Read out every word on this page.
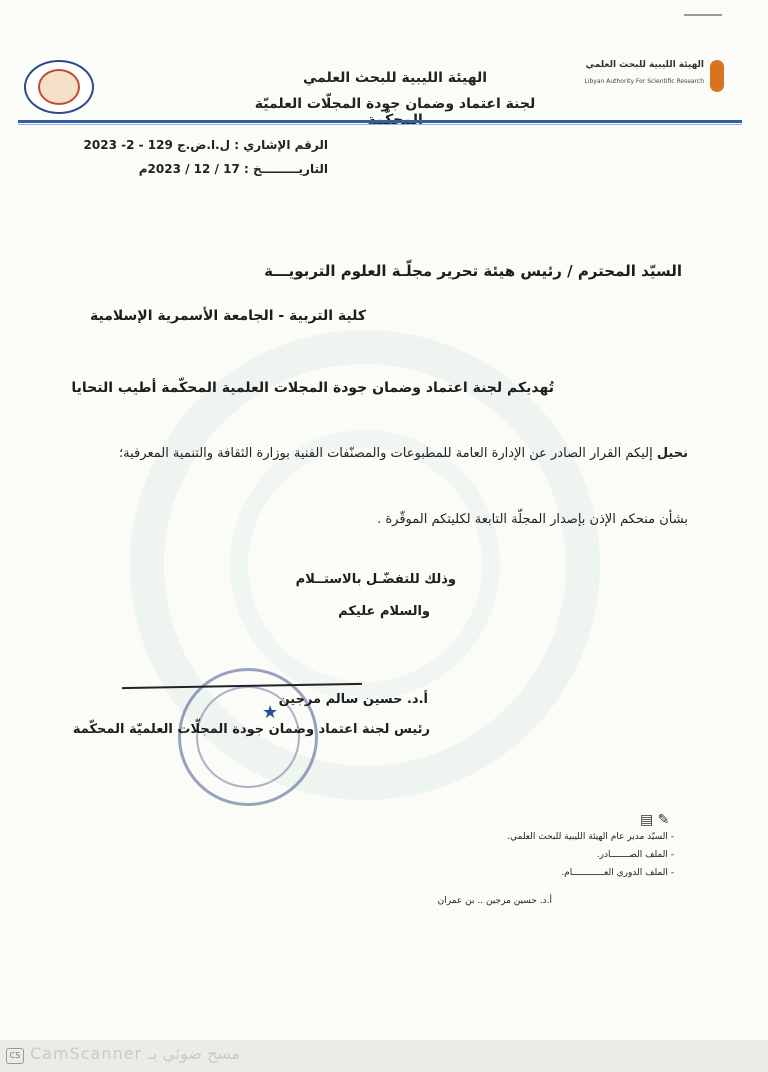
الهيئة الليبية للبحث العلمي
لجنة اعتماد وضمان جودة المجلّات العلميّة
الهيئة الليبية للبحث العلمي
Libyan Authority For Scientific Research
الرقم الإشاري : ل.ا.ض.ج 129 - 2- 2023
التاريـــــــــخ : 17 / 12 / 2023م
السيّد المحترم / رئيس هيئة تحرير مجلّـة العلوم التربويـــة
كلية التربية - الجامعة الأسمرية الإسلامية
تُهديكم لجنة اعتماد وضمان جودة المجلات العلمية المحكّمة أطيب التحايا
نحيل إليكم القرار الصادر عن الإدارة العامة للمطبوعات والمصنّفات الفنية بوزارة الثقافة والتنمية المعرفية؛
بشأن منحكم الإذن بإصدار المجلّة التابعة لكليتكم الموقّرة .
وذلك للتفضّـل بالاستــلام
والسلام عليكم
★
أ.د. حسين سالم مرجين
رئيس لجنة اعتماد وضمان جودة المجلّات العلميّة المحكّمة
▤ ✎
- السيّد مدير عام الهيئة الليبية للبحث العلمي.
- الملف الصـــــــادر.
- الملف الدوري العــــــــــــام.
أ.د. حسين مرجين .. بن عمران
CS CamScanner مسح ضوئي بـ
